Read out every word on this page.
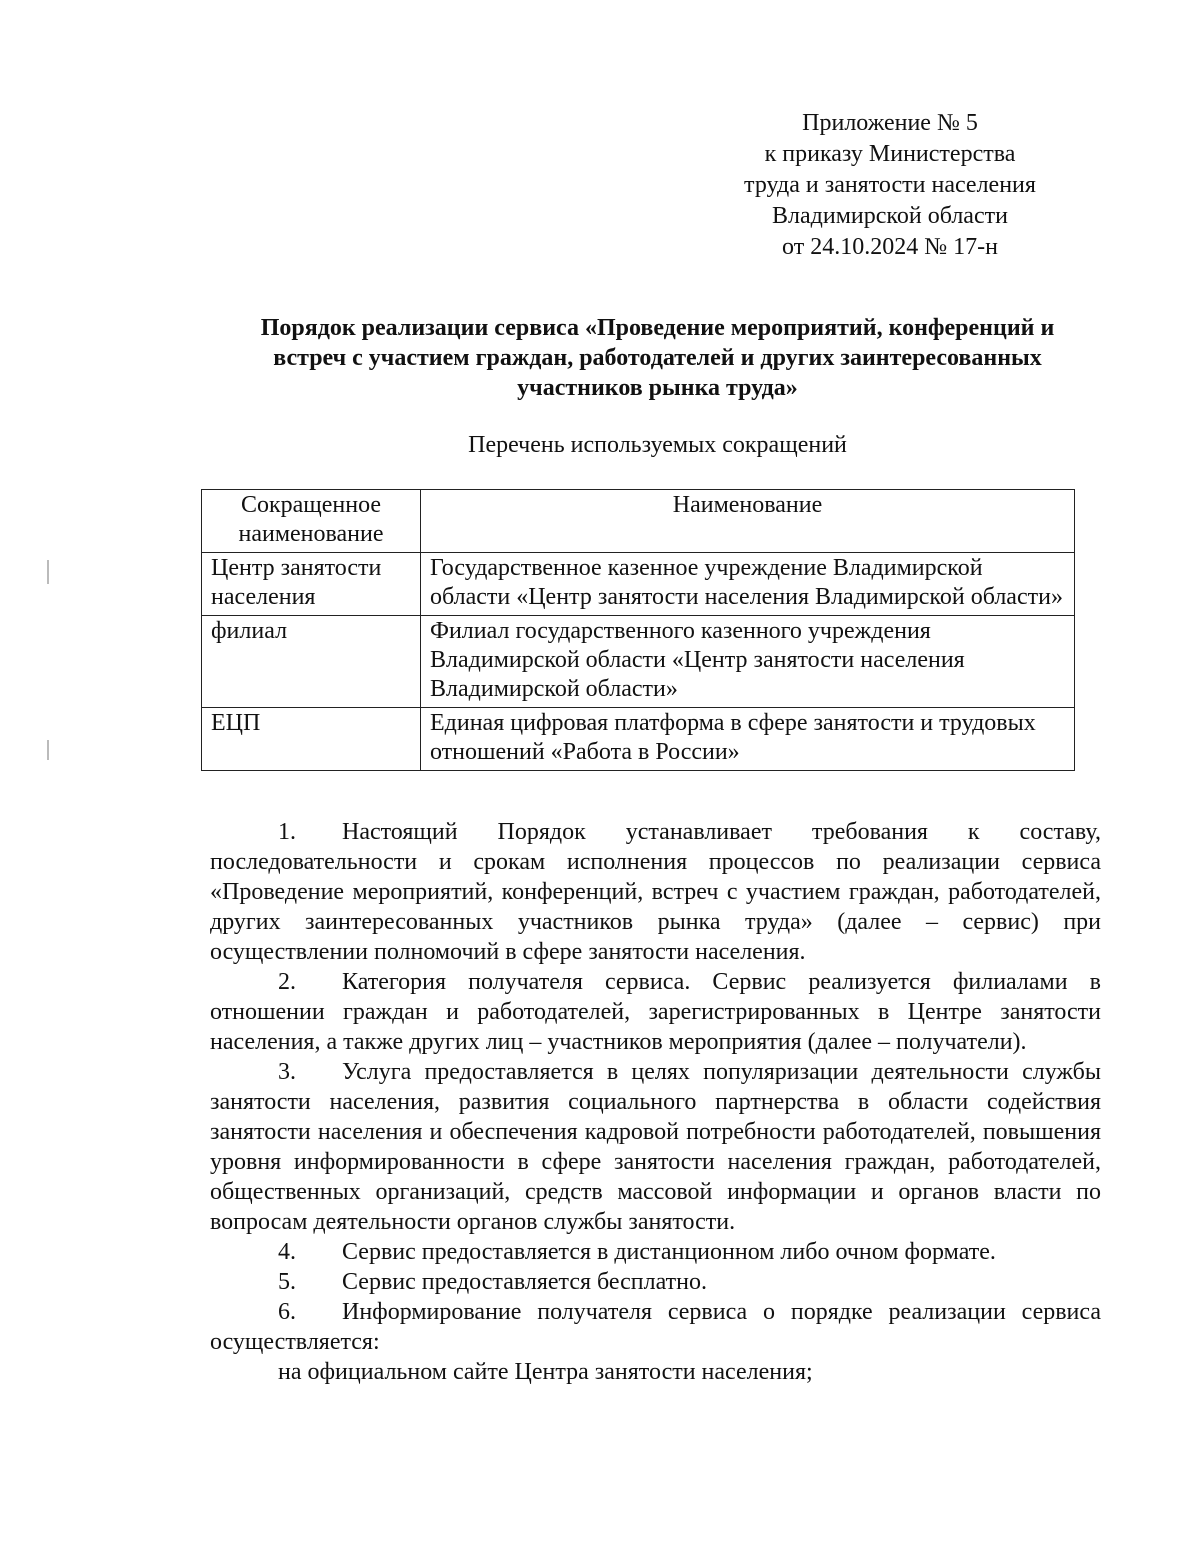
Приложение № 5
к приказу Министерства
труда и занятости населения
Владимирской области
от 24.10.2024 № 17-н
Порядок реализации сервиса «Проведение мероприятий, конференций и
встреч с участием граждан, работодателей и других заинтересованных
участников рынка труда»
Перечень используемых сокращений
Сокращенное наименование	Наименование
Центр занятости населения	Государственное казенное учреждение Владимирской области «Центр занятости населения Владимирской области»
филиал	Филиал государственного казенного учреждения Владимирской области «Центр занятости населения Владимирской области»
ЕЦП	Единая цифровая платформа в сфере занятости и трудовых отношений «Работа в России»

1. Настоящий Порядок устанавливает требования к составу, последовательности и срокам исполнения процессов по реализации сервиса «Проведение мероприятий, конференций, встреч с участием граждан, работодателей, других заинтересованных участников рынка труда» (далее – сервис) при осуществлении полномочий в сфере занятости населения.

2. Категория получателя сервиса. Сервис реализуется филиалами в отношении граждан и работодателей, зарегистрированных в Центре занятости населения, а также других лиц – участников мероприятия (далее – получатели).

3. Услуга предоставляется в целях популяризации деятельности службы занятости населения, развития социального партнерства в области содействия занятости населения и обеспечения кадровой потребности работодателей, повышения уровня информированности в сфере занятости населения граждан, работодателей, общественных организаций, средств массовой информации и органов власти по вопросам деятельности органов службы занятости.

4. Сервис предоставляется в дистанционном либо очном формате.

5. Сервис предоставляется бесплатно.

6. Информирование получателя сервиса о порядке реализации сервиса осуществляется:

на официальном сайте Центра занятости населения;
